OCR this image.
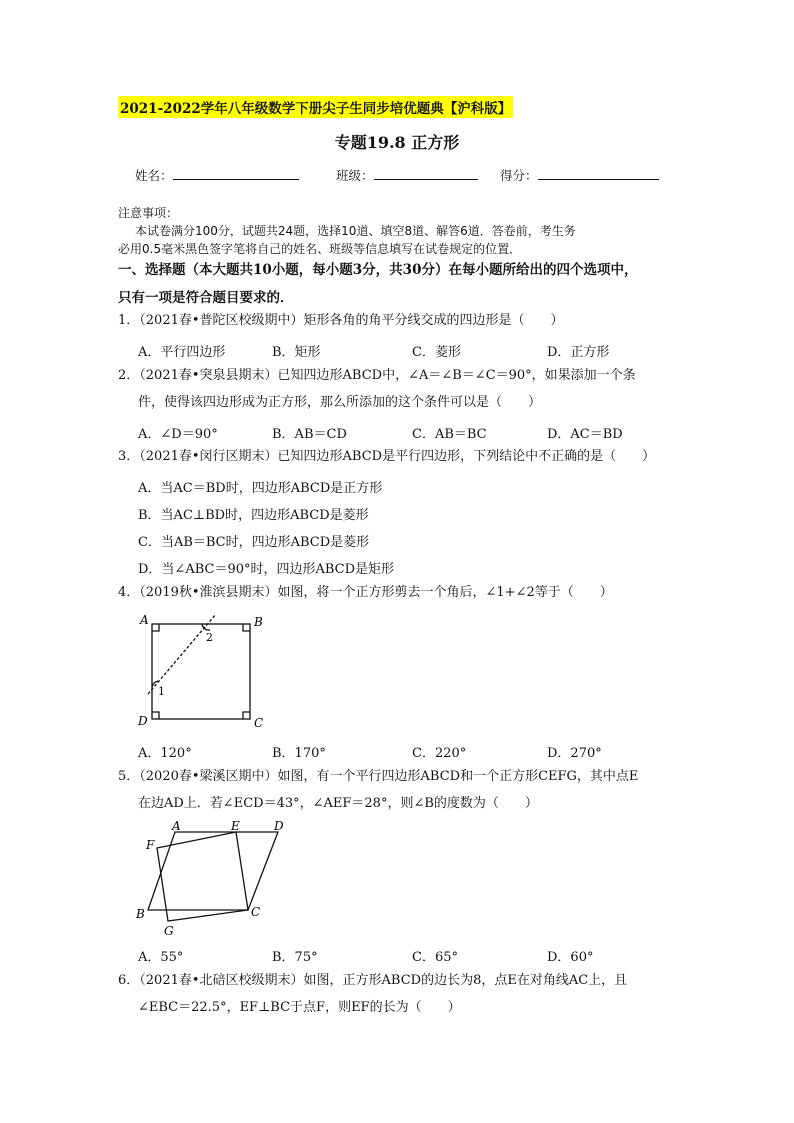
2021-2022学年八年级数学下册尖子生同步培优题典【沪科版】
专题19.8 正方形
姓名：	班级：	得分：
注意事项：
本试卷满分100分，试题共24题，选择10道、填空8道、解答6道．答卷前，考生务
必用0.5毫米黑色签字笔将自己的姓名、班级等信息填写在试卷规定的位置．
一、选择题（本大题共10小题，每小题3分，共30分）在每小题所给出的四个选项中，
只有一项是符合题目要求的．
1．（2021春•普陀区校级期中）矩形各角的角平分线交成的四边形是（　　）
A．平行四边形	B．矩形	C．菱形	D．正方形
2．（2021春•突泉县期末）已知四边形ABCD中，∠A＝∠B＝∠C＝90°，如果添加一个条
件，使得该四边形成为正方形，那么所添加的这个条件可以是（　　）
A．∠D＝90°	B．AB＝CD	C．AB＝BC	D．AC＝BD
3．（2021春•闵行区期末）已知四边形ABCD是平行四边形，下列结论中不正确的是（　　）
A．当AC＝BD时，四边形ABCD是正方形
B．当AC⊥BD时，四边形ABCD是菱形
C．当AB＝BC时，四边形ABCD是菱形
D．当∠ABC＝90°时，四边形ABCD是矩形
4．（2019秋•淮滨县期末）如图，将一个正方形剪去一个角后，∠1+∠2等于（　　）
A	B
C
D
1
2
A．120°	B．170°	C．220°	D．270°
5．（2020春•梁溪区期中）如图，有一个平行四边形ABCD和一个正方形CEFG，其中点E
在边AD上．若∠ECD＝43°，∠AEF＝28°，则∠B的度数为（　　）
A	E	D
F
B	C
G
A．55°	B．75°	C．65°	D．60°
6．（2021春•北碚区校级期末）如图，正方形ABCD的边长为8，点E在对角线AC上，且
∠EBC＝22.5°，EF⊥BC于点F，则EF的长为（　　）
